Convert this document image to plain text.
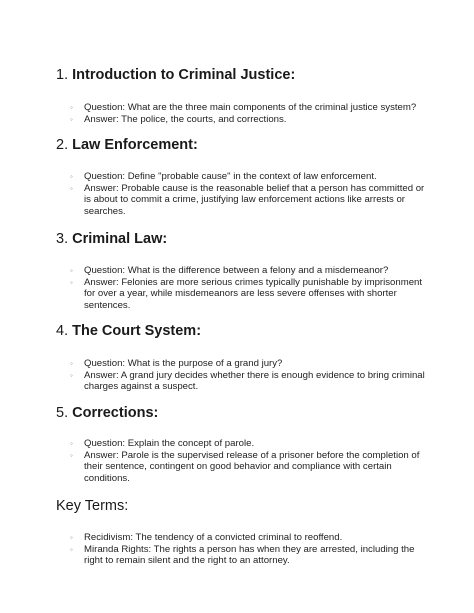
1. Introduction to Criminal Justice:
◦ Question: What are the three main components of the criminal justice system?
◦ Answer: The police, the courts, and corrections.
2. Law Enforcement:
◦ Question: Define "probable cause" in the context of law enforcement.
◦ Answer: Probable cause is the reasonable belief that a person has committed or is about to commit a crime, justifying law enforcement actions like arrests or searches.
3. Criminal Law:
◦ Question: What is the difference between a felony and a misdemeanor?
◦ Answer: Felonies are more serious crimes typically punishable by imprisonment for over a year, while misdemeanors are less severe offenses with shorter sentences.
4. The Court System:
◦ Question: What is the purpose of a grand jury?
◦ Answer: A grand jury decides whether there is enough evidence to bring criminal charges against a suspect.
5. Corrections:
◦ Question: Explain the concept of parole.
◦ Answer: Parole is the supervised release of a prisoner before the completion of their sentence, contingent on good behavior and compliance with certain conditions.
Key Terms:
◦ Recidivism: The tendency of a convicted criminal to reoffend.
◦ Miranda Rights: The rights a person has when they are arrested, including the right to remain silent and the right to an attorney.
